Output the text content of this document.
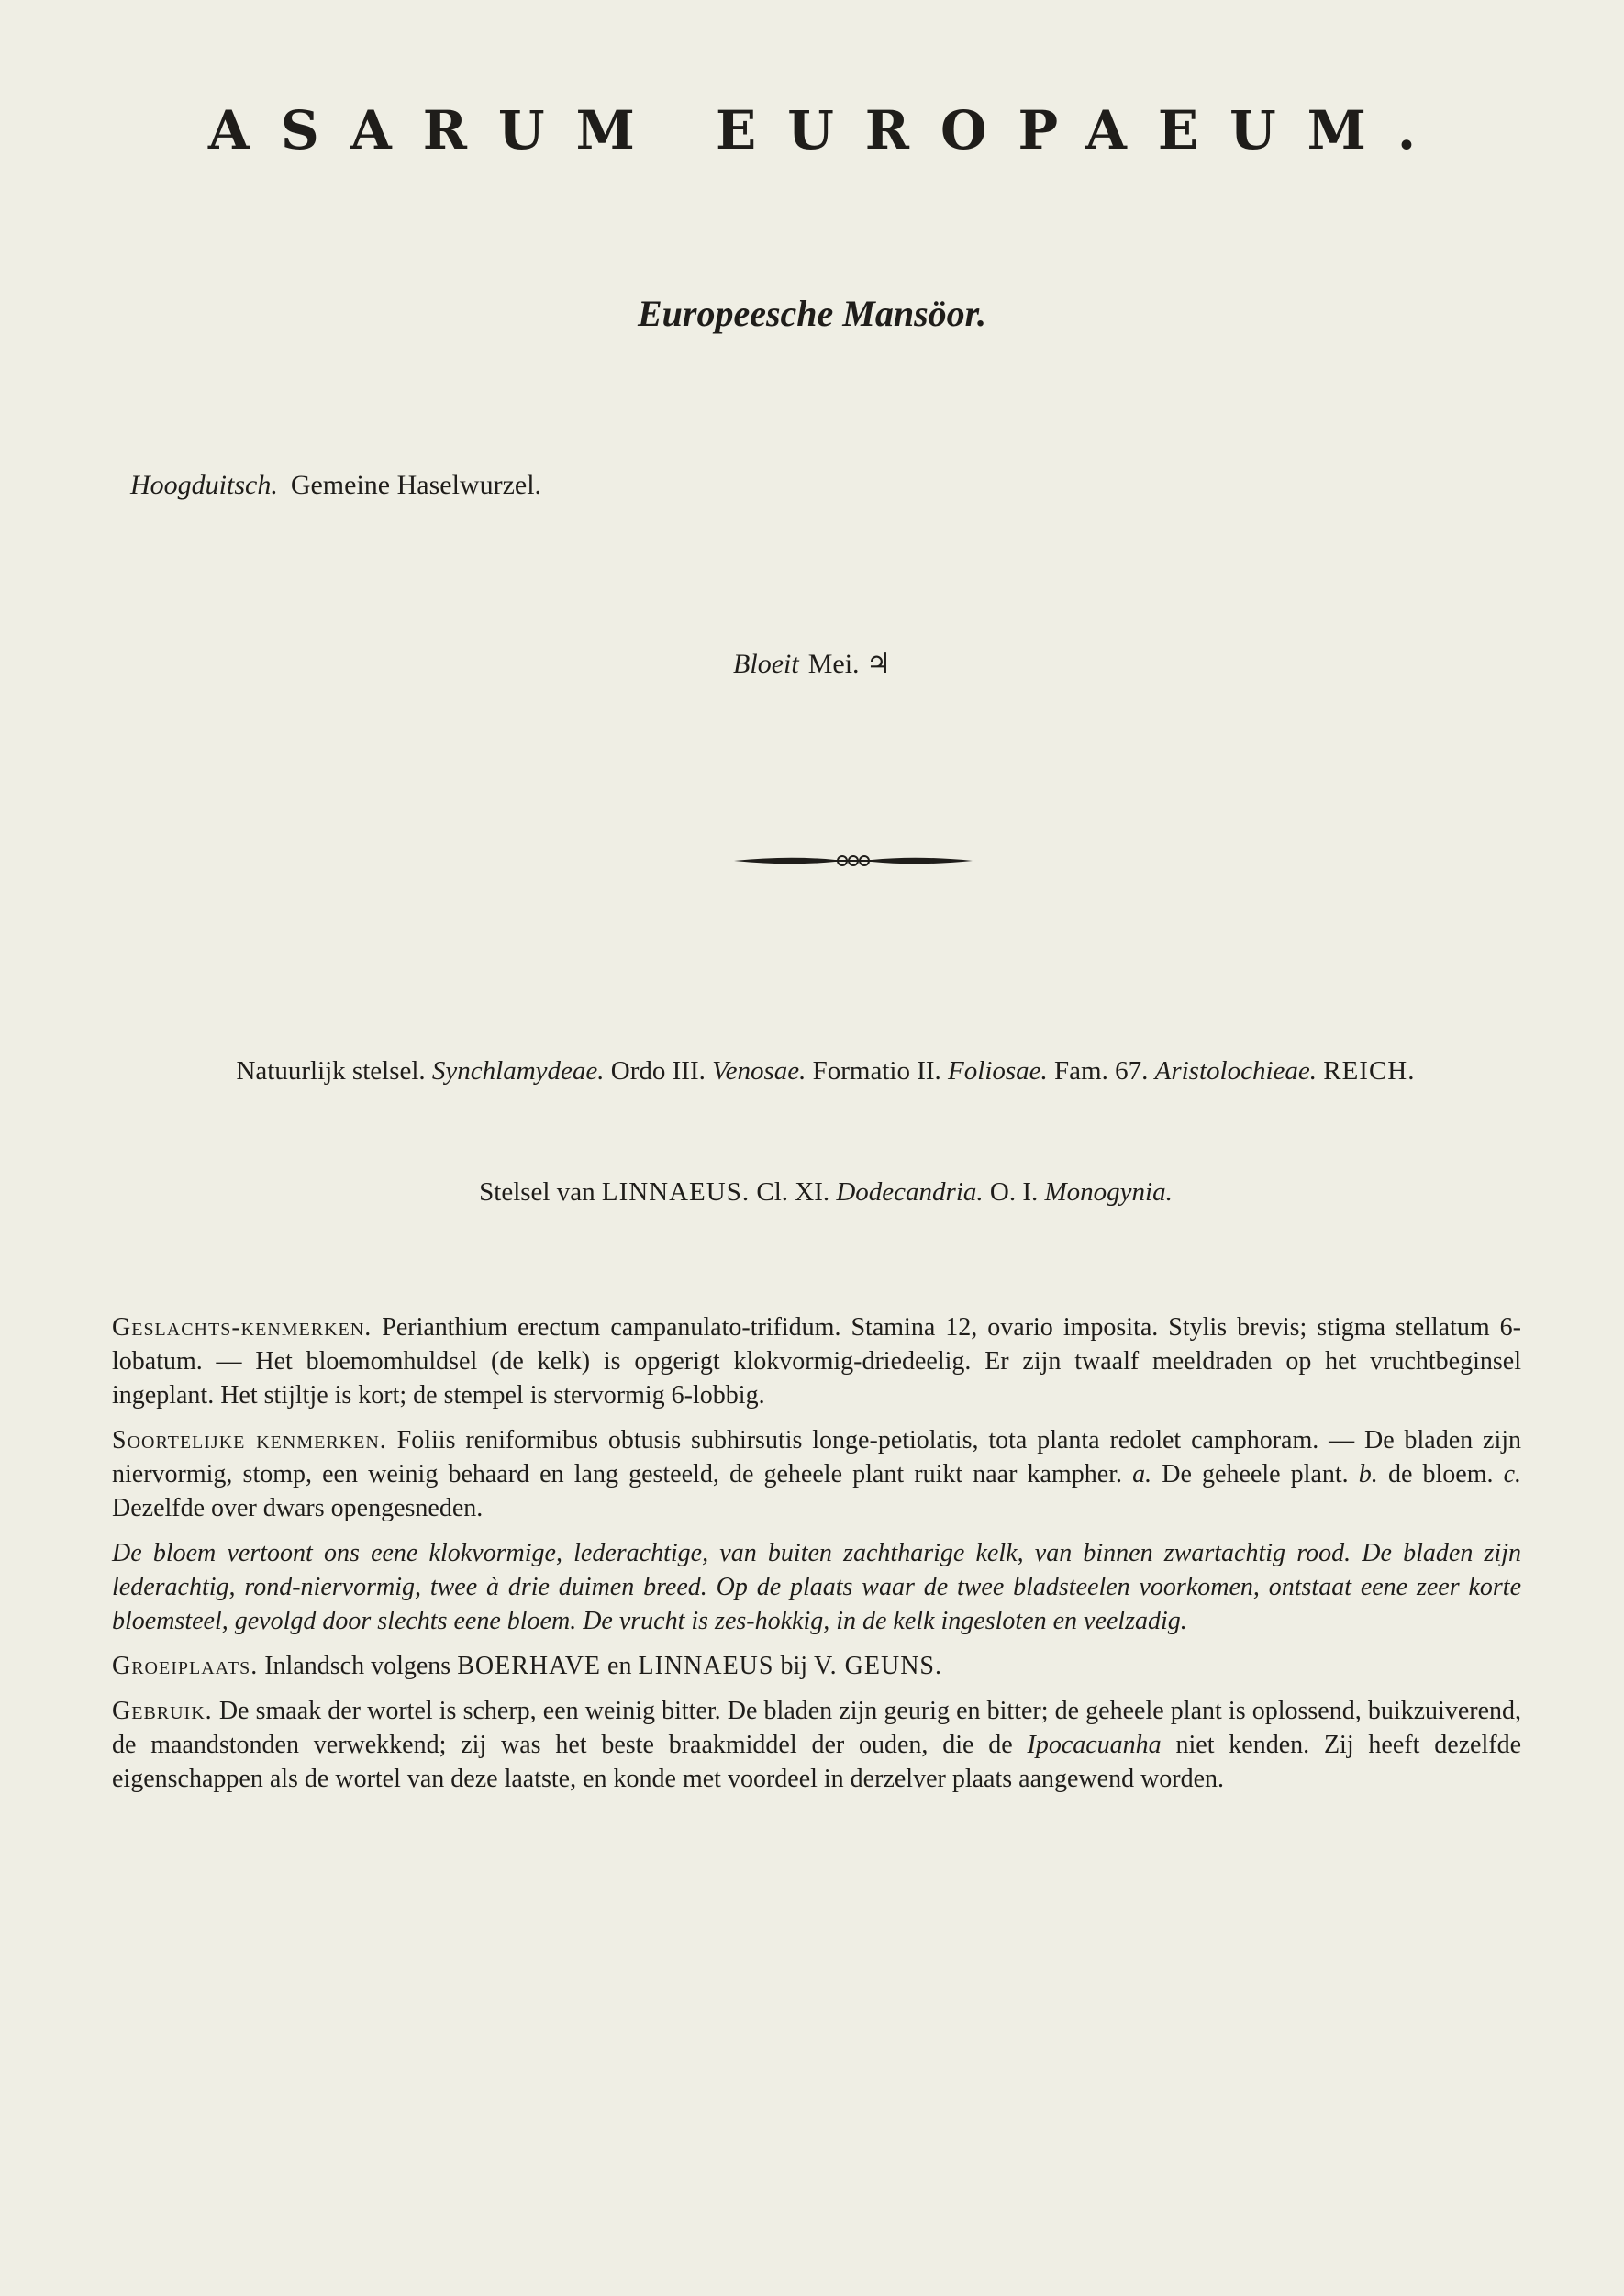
ASARUM EUROPAEUM.
Europeesche Mansöor.
Hoogduitsch. Gemeine Haselwurzel.
Bloeit Mei. ♃
Natuurlijk stelsel. Synchlamydeae. Ordo III. Venosae. Formatio II. Foliosae. Fam. 67. Aristolochieae. REICH.
Stelsel van LINNAEUS. Cl. XI. Dodecandria. O. I. Monogynia.

Geslachts-kenmerken. Perianthium erectum campanulato-trifidum. Stamina 12, ovario imposita. Stylis brevis; stigma stellatum 6-lobatum. — Het bloemomhuldsel (de kelk) is opgerigt klokvormig-driedeelig. Er zijn twaalf meeldraden op het vruchtbeginsel ingeplant. Het stijltje is kort; de stempel is stervormig 6-lobbig.

Soortelijke kenmerken. Foliis reniformibus obtusis subhirsutis longe-petiolatis, tota planta redolet camphoram. — De bladen zijn niervormig, stomp, een weinig behaard en lang gesteeld, de geheele plant ruikt naar kampher. a. De geheele plant. b. de bloem. c. Dezelfde over dwars opengesneden.

De bloem vertoont ons eene klokvormige, lederachtige, van buiten zachtharige kelk, van binnen zwartachtig rood. De bladen zijn lederachtig, rond-niervormig, twee à drie duimen breed. Op de plaats waar de twee bladsteelen voorkomen, ontstaat eene zeer korte bloemsteel, gevolgd door slechts eene bloem. De vrucht is zes-hokkig, in de kelk ingesloten en veelzadig.

Groeiplaats. Inlandsch volgens BOERHAVE en LINNAEUS bij V. GEUNS.

Gebruik. De smaak der wortel is scherp, een weinig bitter. De bladen zijn geurig en bitter; de geheele plant is oplossend, buikzuiverend, de maandstonden verwekkend; zij was het beste braakmiddel der ouden, die de Ipocacuanha niet kenden. Zij heeft dezelfde eigenschappen als de wortel van deze laatste, en konde met voordeel in derzelver plaats aangewend worden.
